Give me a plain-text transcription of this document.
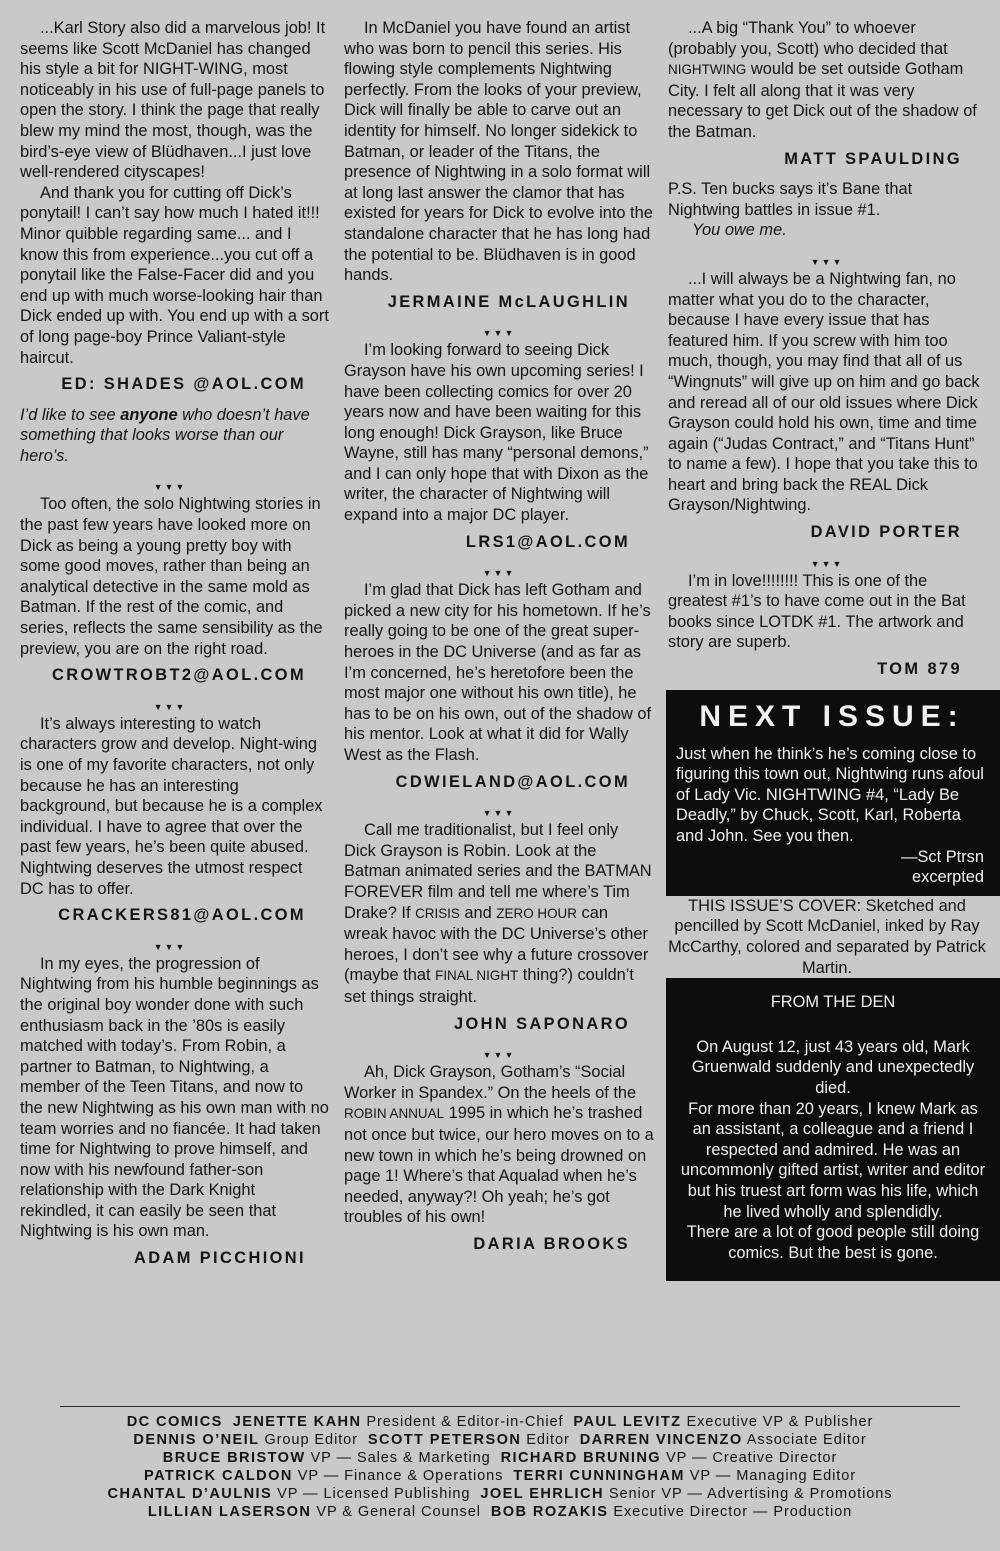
...Karl Story also did a marvelous job! It seems like Scott McDaniel has changed his style a bit for NIGHT-WING, most noticeably in his use of full-page panels to open the story. I think the page that really blew my mind the most, though, was the bird’s-eye view of Blüdhaven...I just love well-rendered cityscapes!

And thank you for cutting off Dick’s ponytail! I can’t say how much I hated it!!! Minor quibble regarding same... and I know this from experience...you cut off a ponytail like the False-Facer did and you end up with much worse-looking hair than Dick ended up with. You end up with a sort of long page-boy Prince Valiant-style haircut.

ED: SHADES @AOL.COM

I’d like to see anyone who doesn’t have something that looks worse than our hero’s.

▼▼▼

Too often, the solo Nightwing stories in the past few years have looked more on Dick as being a young pretty boy with some good moves, rather than being an analytical detective in the same mold as Batman. If the rest of the comic, and series, reflects the same sensibility as the preview, you are on the right road.

CROWTROBT2@AOL.COM
▼▼▼

It’s always interesting to watch characters grow and develop. Night-wing is one of my favorite characters, not only because he has an interesting background, but because he is a complex individual. I have to agree that over the past few years, he’s been quite abused. Nightwing deserves the utmost respect DC has to offer.

CRACKERS81@AOL.COM
▼▼▼

In my eyes, the progression of Nightwing from his humble beginnings as the original boy wonder done with such enthusiasm back in the ’80s is easily matched with today’s. From Robin, a partner to Batman, to Nightwing, a member of the Teen Titans, and now to the new Nightwing as his own man with no team worries and no fiancée. It had taken time for Nightwing to prove himself, and now with his newfound father-son relationship with the Dark Knight rekindled, it can easily be seen that Nightwing is his own man.

ADAM PICCHIONI

In McDaniel you have found an artist who was born to pencil this series. His flowing style complements Nightwing perfectly. From the looks of your preview, Dick will finally be able to carve out an identity for himself. No longer sidekick to Batman, or leader of the Titans, the presence of Nightwing in a solo format will at long last answer the clamor that has existed for years for Dick to evolve into the standalone character that he has long had the potential to be. Blüdhaven is in good hands.

JERMAINE McLAUGHLIN
▼▼▼

I’m looking forward to seeing Dick Grayson have his own upcoming series! I have been collecting comics for over 20 years now and have been waiting for this long enough! Dick Grayson, like Bruce Wayne, still has many “personal demons,” and I can only hope that with Dixon as the writer, the character of Nightwing will expand into a major DC player.

LRS1@AOL.COM
▼▼▼

I’m glad that Dick has left Gotham and picked a new city for his hometown. If he’s really going to be one of the great super-heroes in the DC Universe (and as far as I’m concerned, he’s heretofore been the most major one without his own title), he has to be on his own, out of the shadow of his mentor. Look at what it did for Wally West as the Flash.

CDWIELAND@AOL.COM
▼▼▼

Call me traditionalist, but I feel only Dick Grayson is Robin. Look at the Batman animated series and the BATMAN FOREVER film and tell me where’s Tim Drake? If CRISIS and ZERO HOUR can wreak havoc with the DC Universe’s other heroes, I don’t see why a future crossover (maybe that FINAL NIGHT thing?) couldn’t set things straight.

JOHN SAPONARO
▼▼▼

Ah, Dick Grayson, Gotham’s “Social Worker in Spandex.” On the heels of the ROBIN ANNUAL 1995 in which he’s trashed not once but twice, our hero moves on to a new town in which he’s being drowned on page 1! Where’s that Aqualad when he’s needed, anyway?! Oh yeah; he’s got troubles of his own!

DARIA BROOKS

...A big “Thank You” to whoever (probably you, Scott) who decided that NIGHTWING would be set outside Gotham City. I felt all along that it was very necessary to get Dick out of the shadow of the Batman.

MATT SPAULDING

P.S. Ten bucks says it’s Bane that Nightwing battles in issue #1.

You owe me.

▼▼▼

...I will always be a Nightwing fan, no matter what you do to the character, because I have every issue that has featured him. If you screw with him too much, though, you may find that all of us “Wingnuts” will give up on him and go back and reread all of our old issues where Dick Grayson could hold his own, time and time again (“Judas Contract,” and “Titans Hunt” to name a few). I hope that you take this to heart and bring back the REAL Dick Grayson/Nightwing.

DAVID PORTER
▼▼▼

I’m in love!!!!!!!! This is one of the greatest #1’s to have come out in the Bat books since LOTDK #1. The artwork and story are superb.

TOM 879
NEXT ISSUE:

Just when he think’s he’s coming close to figuring this town out, Nightwing runs afoul of Lady Vic. NIGHTWING #4, “Lady Be Deadly,” by Chuck, Scott, Karl, Roberta and John. See you then.

—Sct Ptrsn

excerpted

THIS ISSUE’S COVER: Sketched and pencilled by Scott McDaniel, inked by Ray McCarthy, colored and separated by Patrick Martin.

FROM THE DEN

On August 12, just 43 years old, Mark Gruenwald suddenly and unexpectedly died.

For more than 20 years, I knew Mark as an assistant, a colleague and a friend I respected and admired. He was an uncommonly gifted artist, writer and editor but his truest art form was his life, which he lived wholly and splendidly.

There are a lot of good people still doing comics. But the best is gone.

DC COMICS JENETTE KAHN President & Editor-in-Chief PAUL LEVITZ Executive VP & Publisher
DENNIS O’NEIL Group Editor SCOTT PETERSON Editor DARREN VINCENZO Associate Editor
BRUCE BRISTOW VP — Sales & Marketing RICHARD BRUNING VP — Creative Director
PATRICK CALDON VP — Finance & Operations TERRI CUNNINGHAM VP — Managing Editor
CHANTAL D’AULNIS VP — Licensed Publishing JOEL EHRLICH Senior VP — Advertising & Promotions
LILLIAN LASERSON VP & General Counsel BOB ROZAKIS Executive Director — Production
